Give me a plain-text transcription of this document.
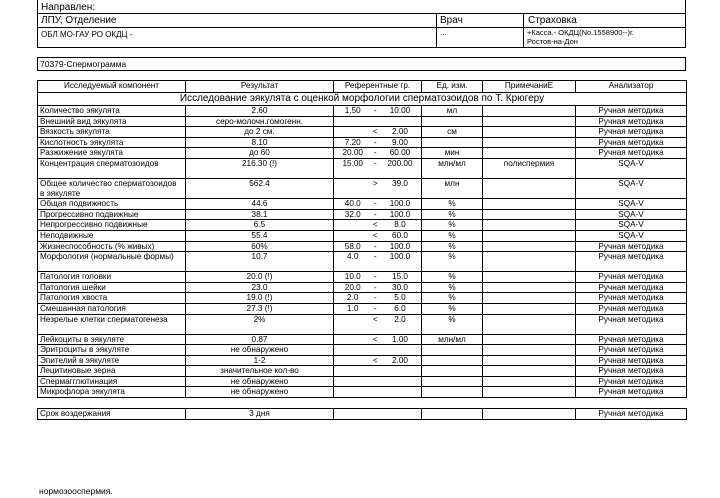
Направлен:
ЛПУ, Отделение	Врач	Страховка
ОБЛ МО-ГАУ РО ОКДЦ -	...	+Касса.- ОКДЦ(No.1558900--)г. Ростов-на-Дон
70379-Спермограмма
Исследуемый компонент	Результат	Референтные гр.	Ед. изм.	ПримечаниЕ	Анализатор
Исследование эякулята с оценкой морфологии сперматозоидов по Т. Крюгеру					
Количество эякулята	2.60	1.50 - 10.00	мл		Ручная методика
Внешний вид эякулята	серо-молочн.гомогенн.				Ручная методика
Вязкость эякулята	до 2 см.	< 2.00	см		Ручная методика
Кислотность эякулята	8.10	7.20 - 9.00			Ручная методика
Разжижение эякулята	до 60	20.00 - 60.00	мин		Ручная методика
Концентрация сперматозоидов	216.30 (!)	15.00 - 200.00	млн/мл	полиспермия	SQA-V
Общее количество сперматозоидов в эякуляте	562.4	> 39.0	млн		SQA-V
Общая подвижность	44.6	40.0 - 100.0	%		SQA-V
Прогрессивно подвижные	38.1	32.0 - 100.0	%		SQA-V
Непрогрессивно подвижные	6.5	< 8.0	%		SQA-V
Неподвижные	55.4	< 60.0	%		SQA-V
Жизнеспособность (% живых)	60%	58.0 - 100.0	%		Ручная методика
Морфология (нормальные формы)	10.7	4.0 - 100.0	%		Ручная методика
Патология головки	20.0 (!)	10.0 - 15.0	%		Ручная методика
Патология шейки	23.0	20.0 - 30.0	%		Ручная методика
Патология хвоста	19.0 (!)	2.0 - 5.0	%		Ручная методика
Смешанная патология	27.3 (!)	1.0 - 6.0	%		Ручная методика
Незрелые клетки сперматогенеза	2%	< 2.0	%		Ручная методика
Лейкоциты в эякуляте	0.87	< 1.00	млн/мл		Ручная методика
Эритроциты в эякуляте	не обнаружено				Ручная методика
Эпителий в эякуляте	1-2	< 2.00			Ручная методика
Лецитиновые зерна	значительное кол-во				Ручная методика
Спермагглютинация	не обнаружено				Ручная методика
Микрофлора эякулята	не обнаружено				Ручная методика

Срок воздержания	3 дня				Ручная методика
нормозооспермия.
